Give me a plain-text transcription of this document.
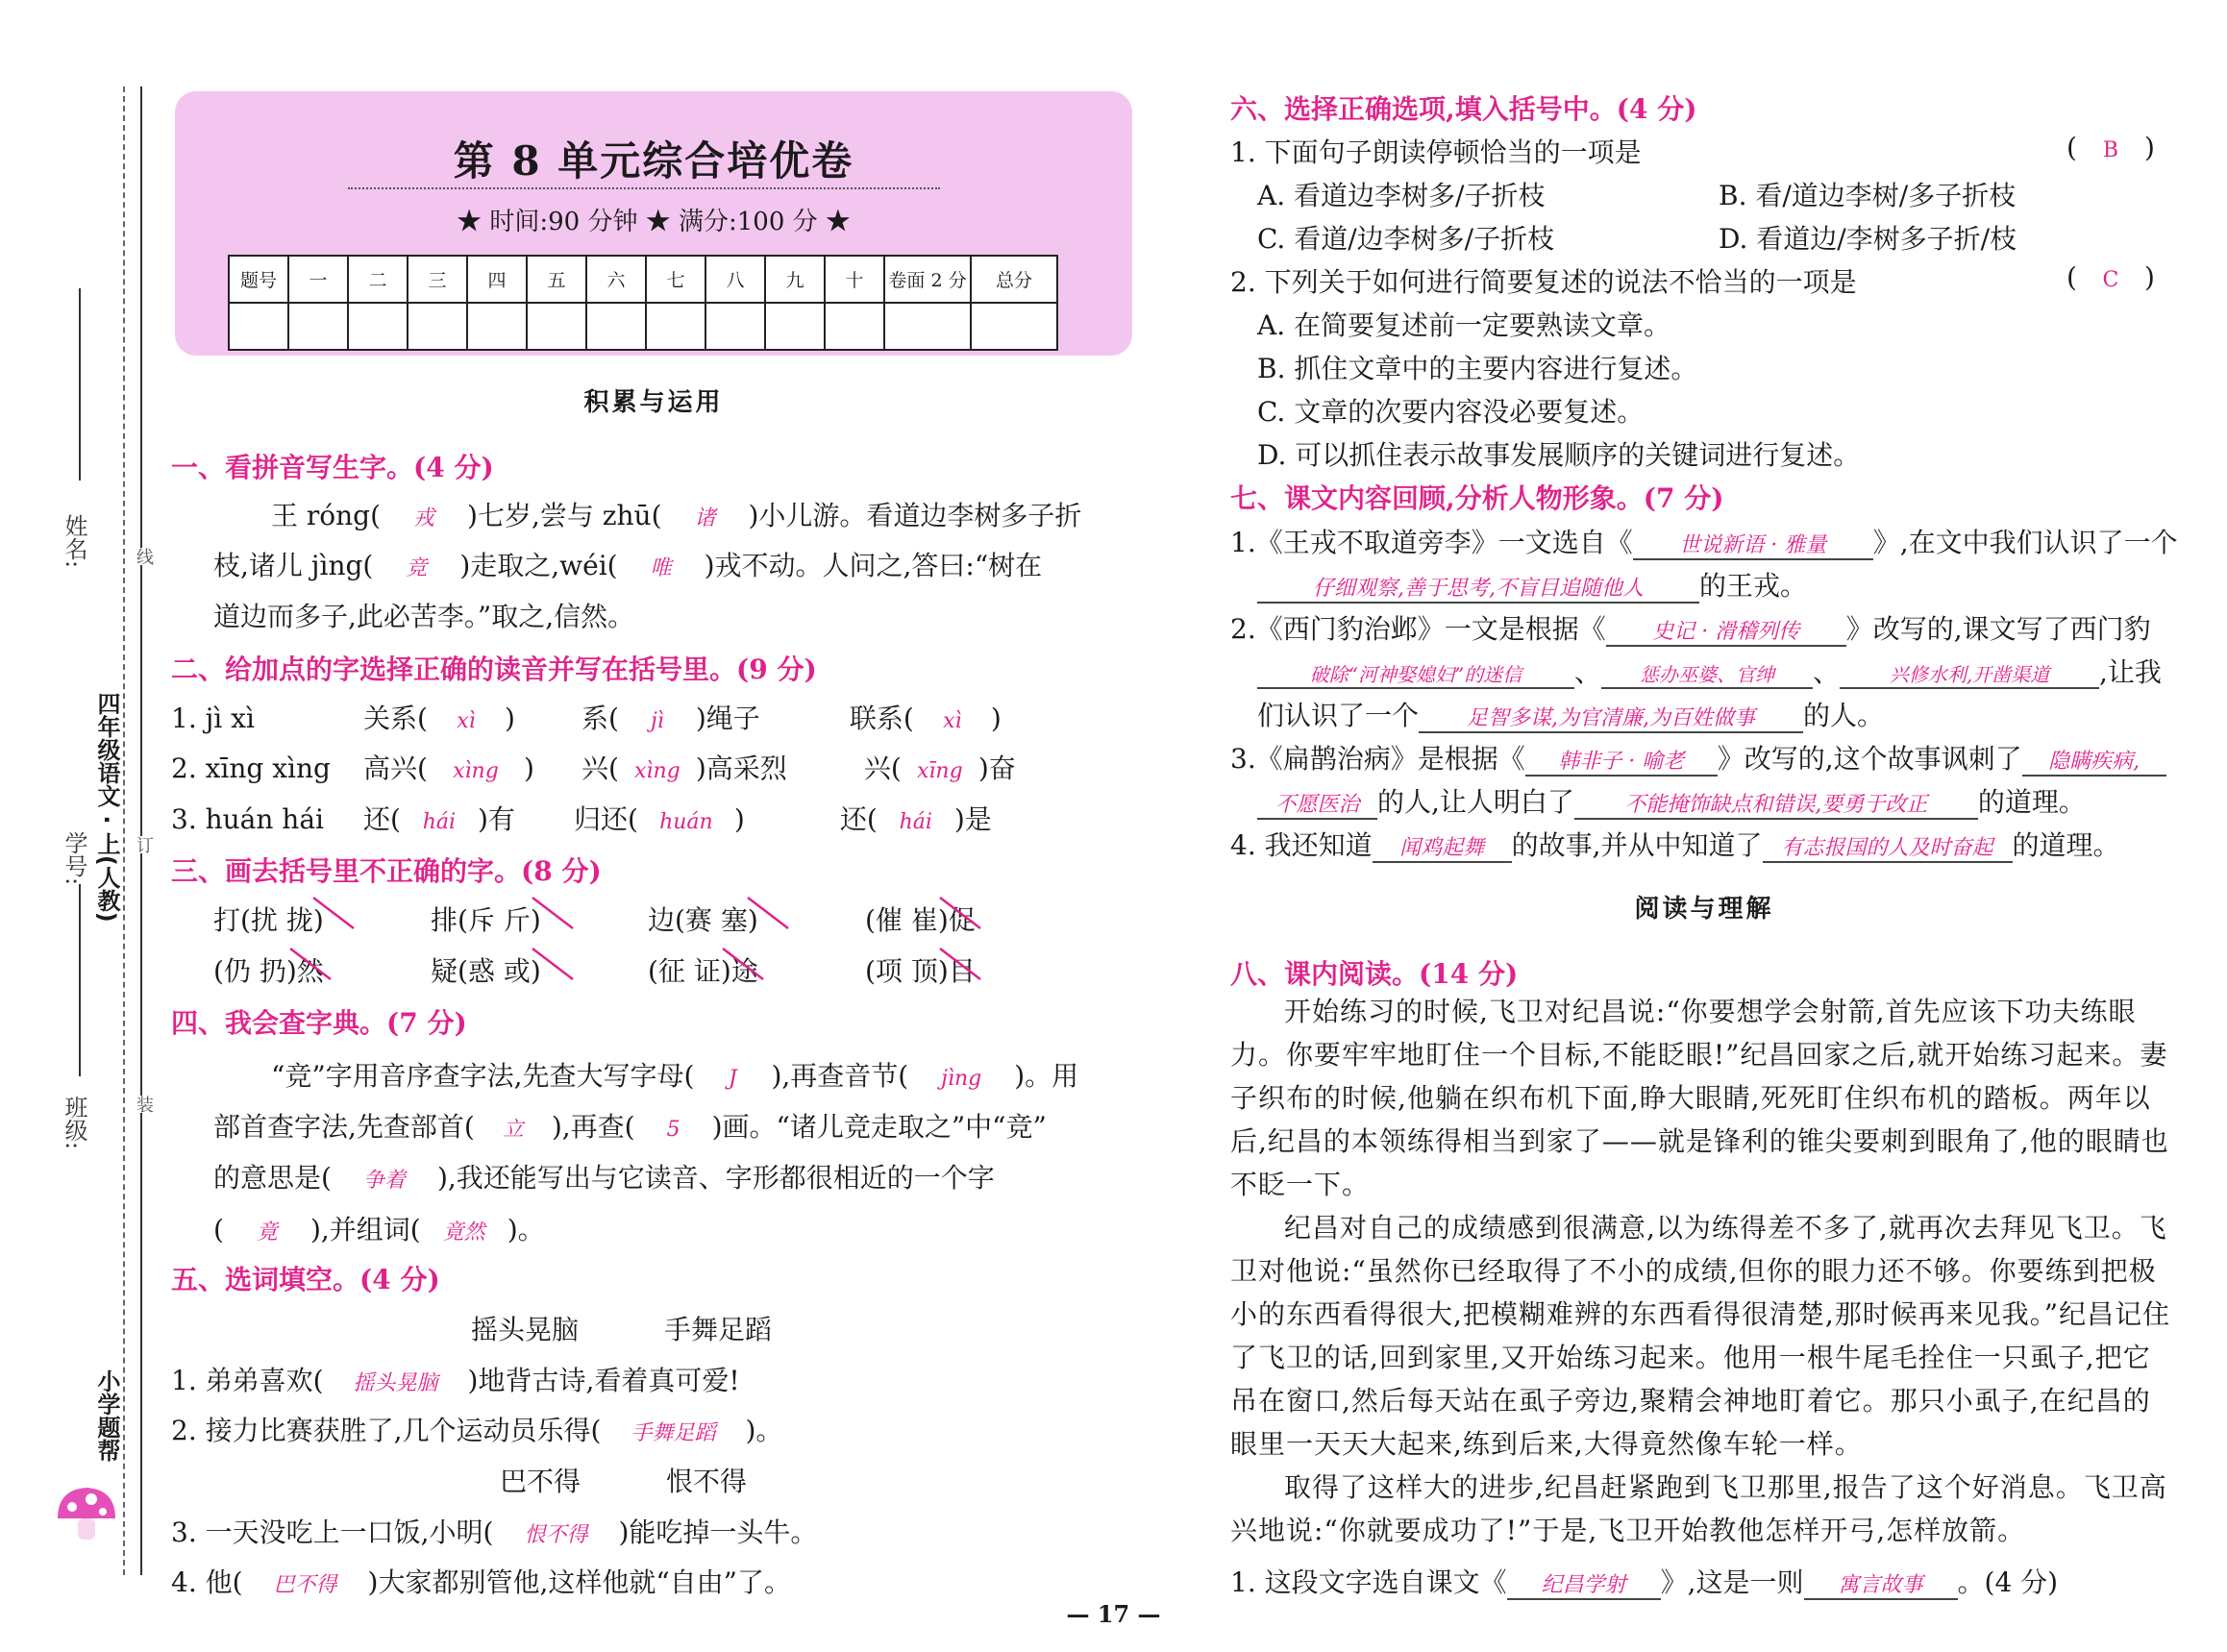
姓名:
班级:
学号: 四年级语文 · 上(人教)
小学题帮
线
订
装
第 8 单元综合培优卷
★ 时间:90 分钟 ★ 满分:100 分 ★
题号	一	二	三	四	五	六	七	八	九	十	卷面 2 分	总分

积累与运用
一、看拼音写生字。(4 分)
王 róng( 戎 )七岁,尝与 zhū( 诸 )小儿游。看道边李树多子折
枝,诸儿 jìng( 竞 )走取之,wéi( 唯 )戎不动。人问之,答曰:“树在
道边而多子,此必苦李。”取之,信然。
二、给加点的字选择正确的读音并写在括号里。(9 分)
1. jì xì	关系( xì ) 系( jì )绳子	联系( xì )
2. xīng xìng 高兴( xìng ) 兴( xìng )高采烈	兴( xīng )奋
3. huán hái 还( hái )有 归还( huán )	还( hái )是
三、画去括号里不正确的字。(8 分)
打(扰 拢)	排(斥 斤)	边(赛 塞)	(催 崔)促
(仍 扔)然	疑(惑 或)	(征 证)途	(项 顶)目
四、我会查字典。(7 分)
“竞”字用音序查字法,先查大写字母( J ),再查音节( jìng )。用
部首查字法,先查部首( 立 ),再查( 5 )画。“诸儿竞走取之”中“竞”
的意思是( 争着 ),我还能写出与它读音、字形都很相近的一个字
( 竟 ),并组词( 竟然 )。
五、选词填空。(4 分)
摇头晃脑          手舞足蹈
1. 弟弟喜欢( 摇头晃脑 )地背古诗,看着真可爱!
2. 接力比赛获胜了,几个运动员乐得( 手舞足蹈 )。
巴不得          恨不得
3. 一天没吃上一口饭,小明( 恨不得 )能吃掉一头牛。
4. 他( 巴不得 )大家都别管他,这样他就“自由”了。
六、选择正确选项,填入括号中。(4 分)
1. 下面句子朗读停顿恰当的一项是	( B )
A. 看道边李树多/子折枝	B. 看/道边李树/多子折枝
C. 看道/边李树多/子折枝	D. 看道边/李树多子折/枝
2. 下列关于如何进行简要复述的说法不恰当的一项是	( C )
A. 在简要复述前一定要熟读文章。
B. 抓住文章中的主要内容进行复述。
C. 文章的次要内容没必要复述。
D. 可以抓住表示故事发展顺序的关键词进行复述。
七、课文内容回顾,分析人物形象。(7 分)
1.《王戎不取道旁李》一文选自《 世说新语 · 雅量 》,在文中我们认识了一个
仔细观察,善于思考,不盲目追随他人 的王戎。
2.《西门豹治邺》一文是根据《 史记 · 滑稽列传 》改写的,课文写了西门豹
破除“河神娶媳妇”的迷信 、 惩办巫婆、官绅 、	兴修水利,开凿渠道 ,让我
们认识了一个 足智多谋,为官清廉,为百姓做事 的人。
3.《扁鹊治病》是根据《 韩非子 · 喻老 》改写的,这个故事讽刺了 隐瞒疾病,
不愿医治 的人,让人明白了 不能掩饰缺点和错误,要勇于改正 的道理。
4. 我还知道 闻鸡起舞 的故事,并从中知道了 有志报国的人及时奋起 的道理。
阅读与理解
八、课内阅读。(14 分)
开始练习的时候,飞卫对纪昌说:“你要想学会射箭,首先应该下功夫练眼力。你要牢牢地盯住一个目标,不能眨眼!”纪昌回家之后,就开始练习起来。妻子织布的时候,他躺在织布机下面,睁大眼睛,死死盯住织布机的踏板。两年以后,纪昌的本领练得相当到家了——就是锋利的锥尖要刺到眼角了,他的眼睛也不眨一下。
纪昌对自己的成绩感到很满意,以为练得差不多了,就再次去拜见飞卫。飞卫对他说:“虽然你已经取得了不小的成绩,但你的眼力还不够。你要练到把极小的东西看得很大,把模糊难辨的东西看得很清楚,那时候再来见我。”纪昌记住了飞卫的话,回到家里,又开始练习起来。他用一根牛尾毛拴住一只虱子,把它吊在窗口,然后每天站在虱子旁边,聚精会神地盯着它。那只小虱子,在纪昌的眼里一天天大起来,练到后来,大得竟然像车轮一样。
取得了这样大的进步,纪昌赶紧跑到飞卫那里,报告了这个好消息。飞卫高兴地说:“你就要成功了!”于是,飞卫开始教他怎样开弓,怎样放箭。
1. 这段文字选自课文《 纪昌学射 》,这是一则 寓言故事 。(4 分)
— 17 —
